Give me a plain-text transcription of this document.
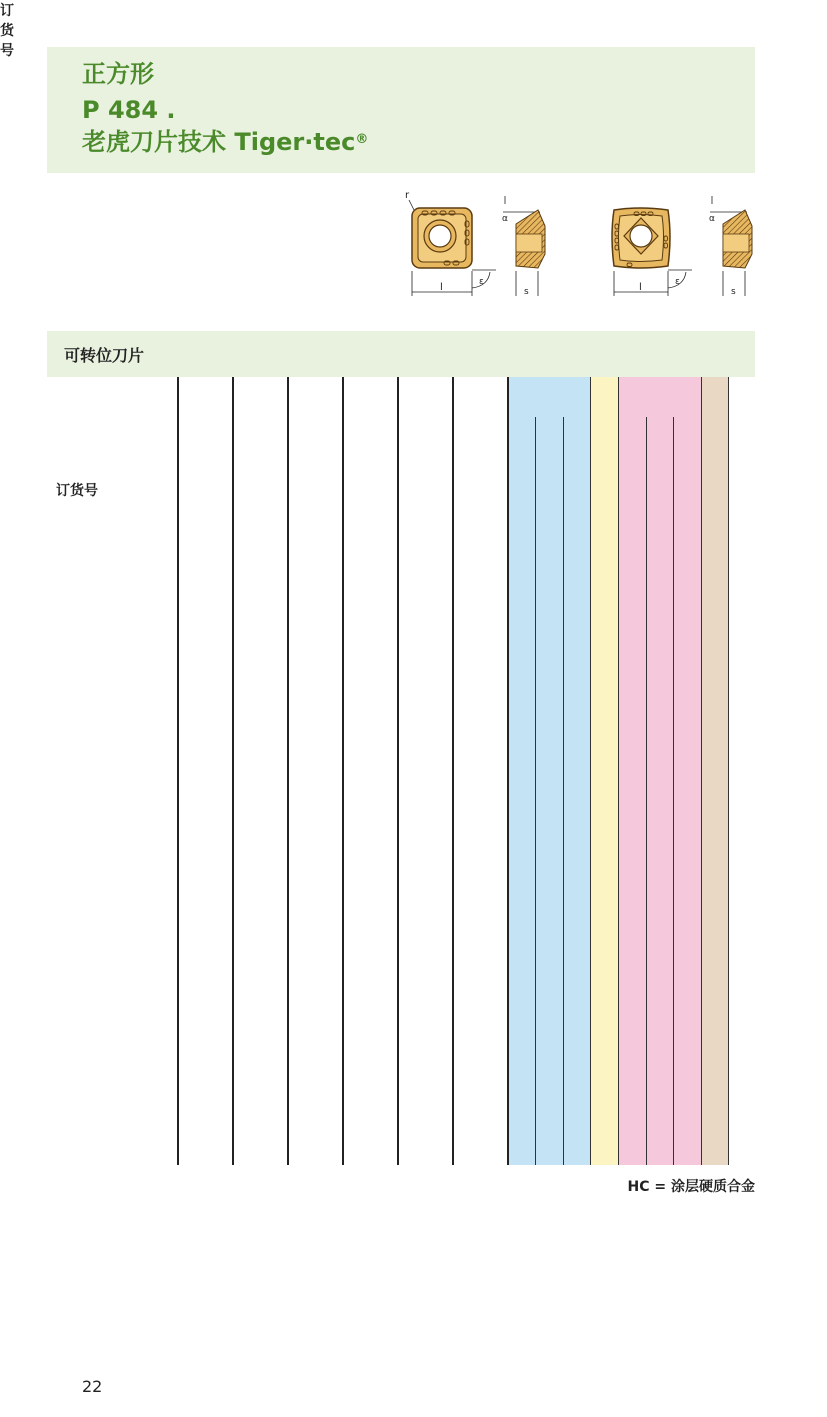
正方形
P 484 .
老虎刀片技术 Tiger·tec®
r
l	ε
α
s	l	ε
α
s
可转位刀片
订货号
订货号
HC = 涂层硬质合金
22
